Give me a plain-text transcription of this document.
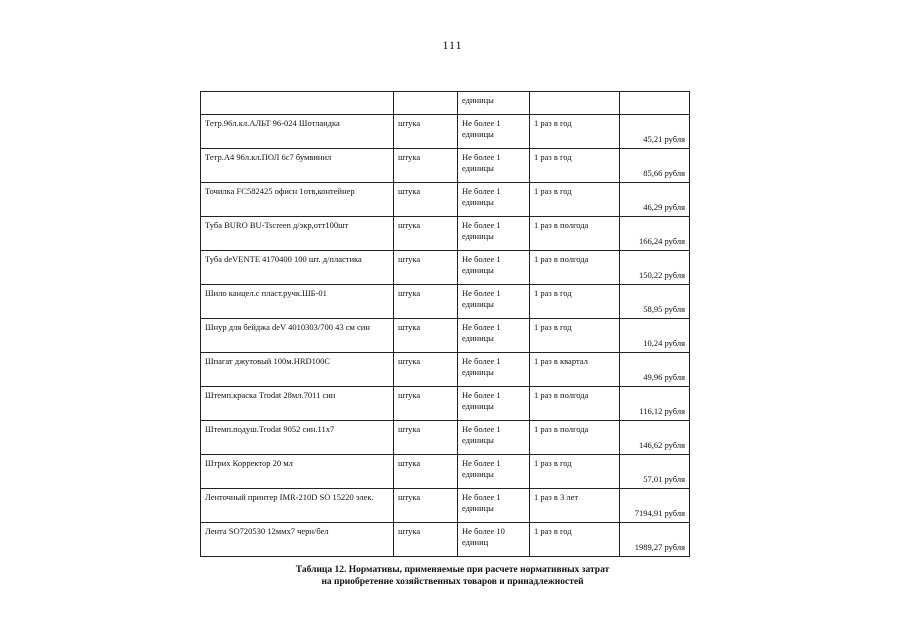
111
		единицы		
Тетр.96л.кл.АЛЬТ 96-024 Шотландка	штука	Не более 1 единицы	1 раз в год	45,21 рубля
Тетр.А4 96л.кл.ПОЛ 6с7 бумвинил	штука	Не более 1 единицы	1 раз в год	85,66 рубля
Точилка FC582425 офисн 1отв,контейнер	штука	Не более 1 единицы	1 раз в год	46,29 рубля
Туба BURO BU-Tscreen д/экр,отт100шт	штука	Не более 1 единицы	1 раз в полгода	166,24 рубля
Туба deVENTE 4170400 100 шт. д/пластика	штука	Не более 1 единицы	1 раз в полгода	150,22 рубля
Шило канцел.с пласт.ручк.ШБ-01	штука	Не более 1 единицы	1 раз в год	58,95 рубля
Шнур для бейджа deV 4010303/700 43 см син	штука	Не более 1 единицы	1 раз в год	10,24 рубля
Шпагат джутовый 100м.HRD100C	штука	Не более 1 единицы	1 раз в квартал	49,96 рубля
Штемп.краска Trodat 28мл.7011 син	штука	Не более 1 единицы	1 раз в полгода	116,12 рубля
Штемп.подуш.Trodat 9052 син.11x7	штука	Не более 1 единицы	1 раз в полгода	146,62 рубля
Штрих Корректор 20 мл	штука	Не более 1 единицы	1 раз в год	57,01 рубля
Ленточный принтер IMR-210D SO 15220 элек.	штука	Не более 1 единицы	1 раз в 3 лет	7194,91 рубля
Лента SO720530 12ммx7 черн/бел	штука	Не более 10 единиц	1 раз в год	1989,27 рубля
Таблица 12. Нормативы, применяемые при расчете нормативных затрат
на приобретение хозяйственных товаров и принадлежностей
